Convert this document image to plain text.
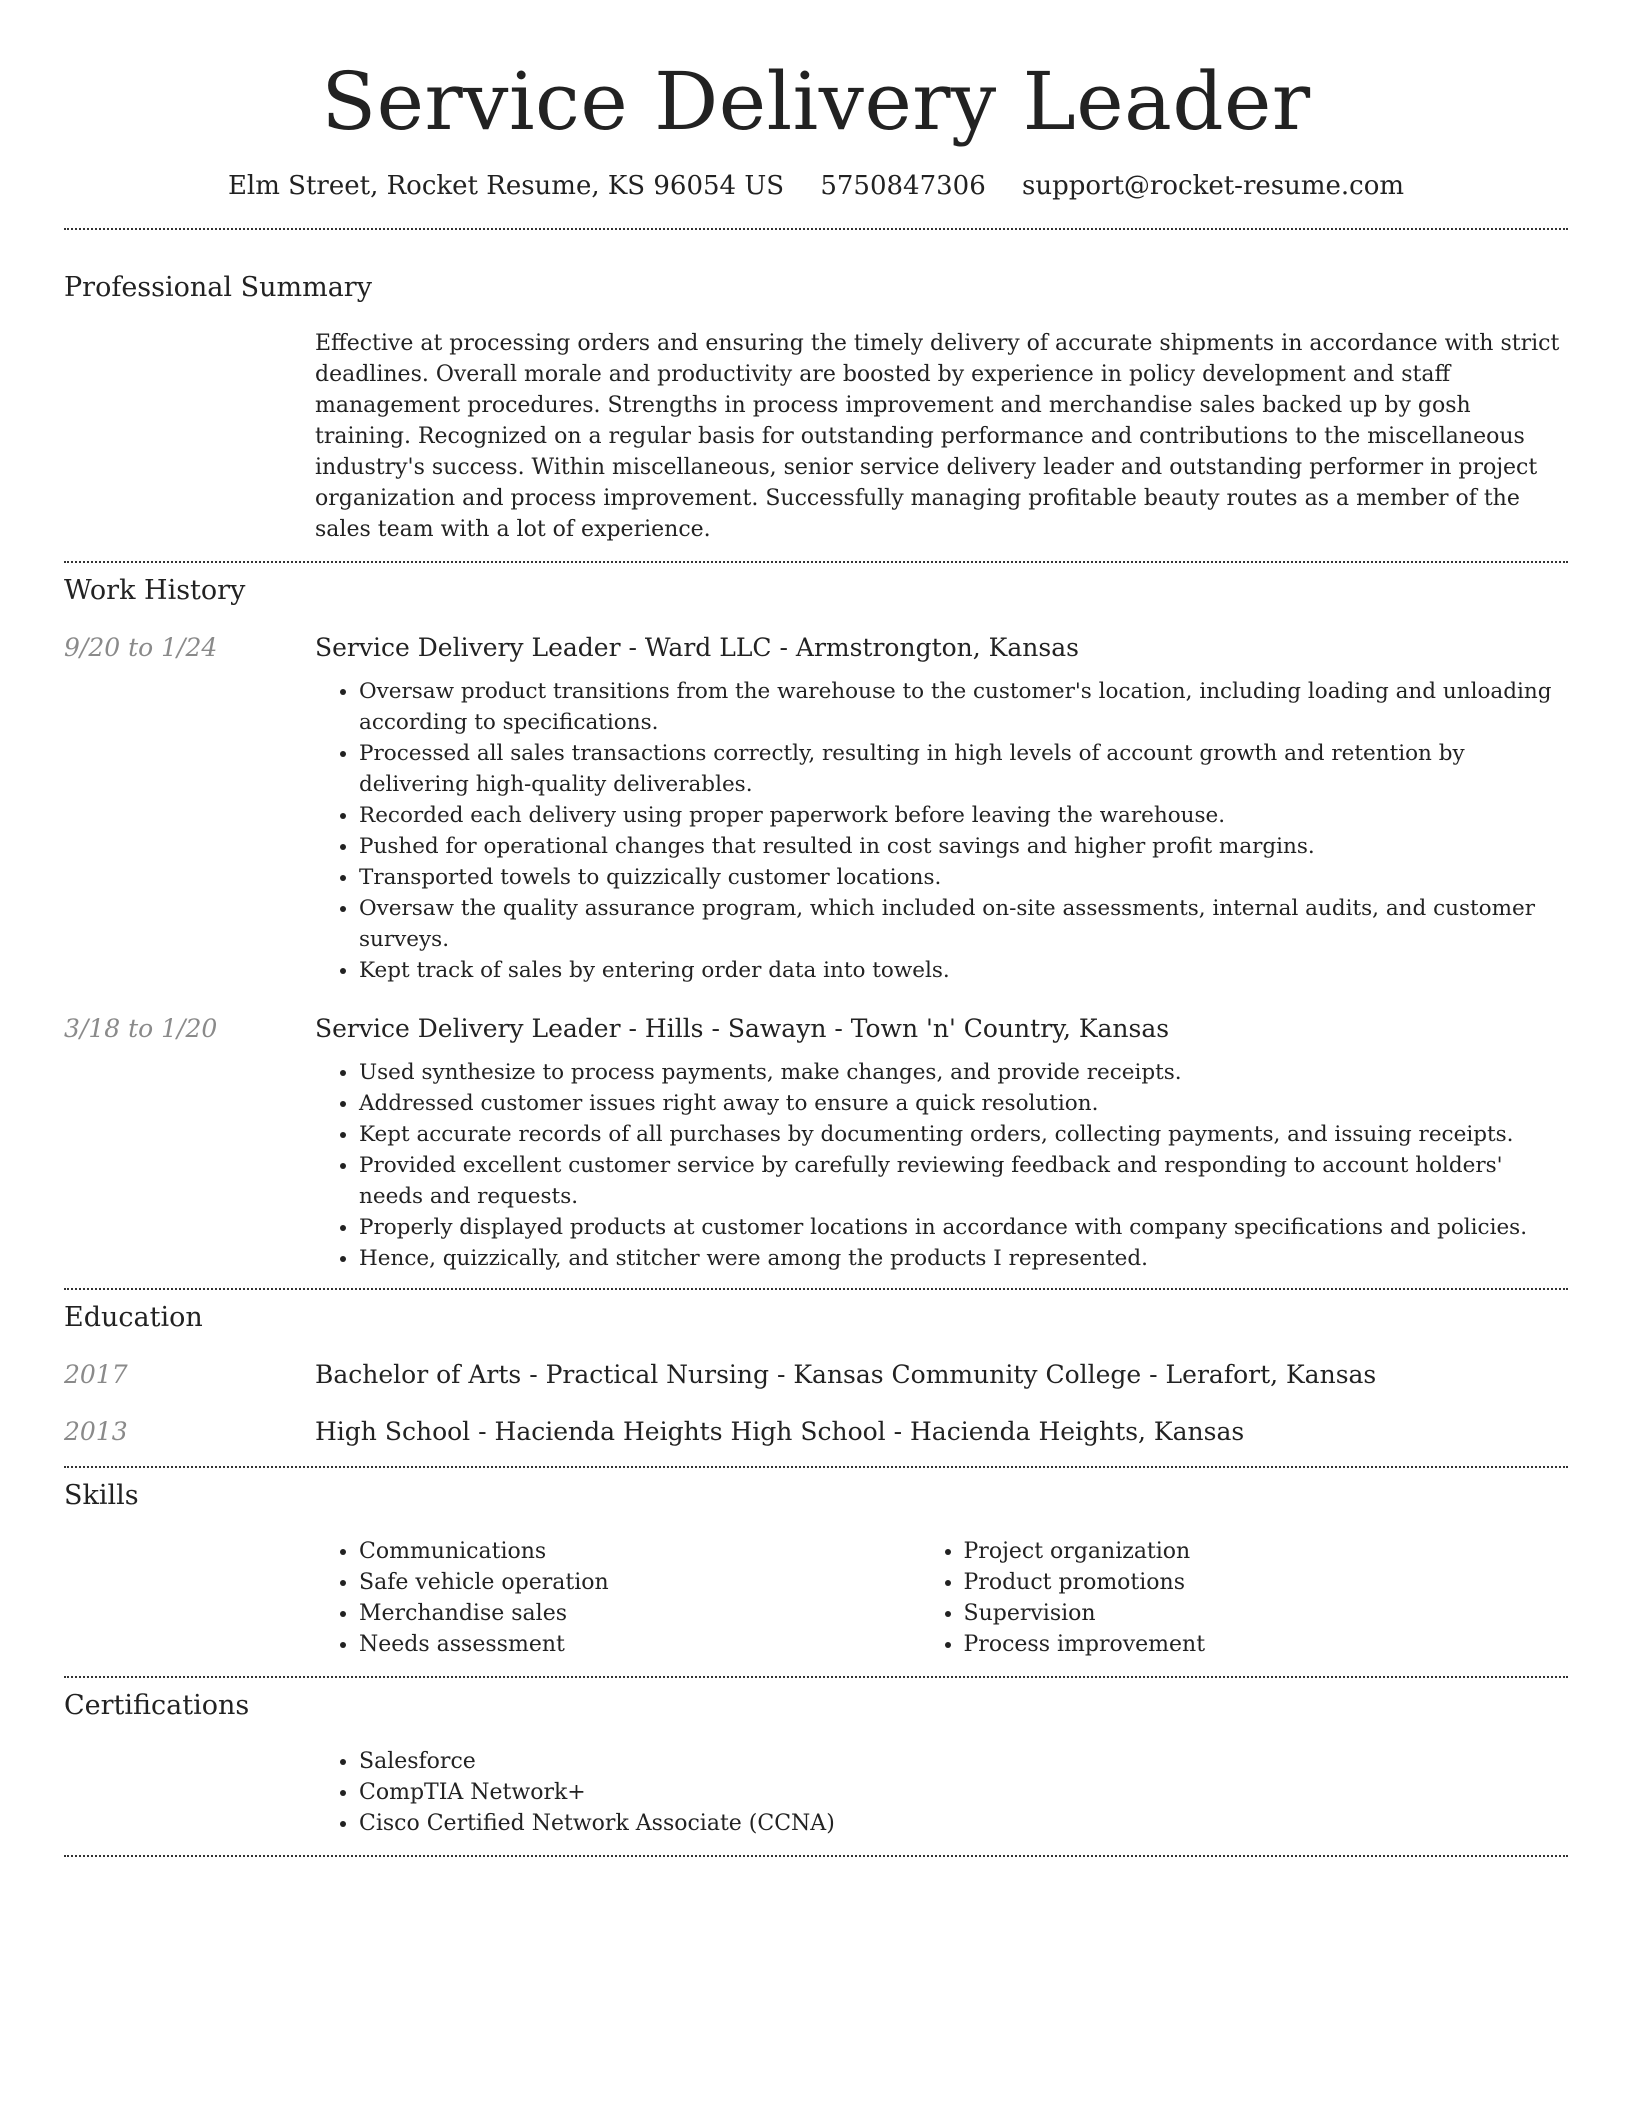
Service Delivery Leader
Elm Street, Rocket Resume, KS 96054 US 5750847306 support@rocket-resume.com
Professional Summary

Effective at processing orders and ensuring the timely delivery of accurate shipments in accordance with strict deadlines. Overall morale and productivity are boosted by experience in policy development and staff management procedures. Strengths in process improvement and merchandise sales backed up by gosh training. Recognized on a regular basis for outstanding performance and contributions to the miscellaneous industry's success. Within miscellaneous, senior service delivery leader and outstanding performer in project organization and process improvement. Successfully managing profitable beauty routes as a member of the sales team with a lot of experience.

Work History
9/20 to 1/24	Service Delivery Leader - Ward LLC - Armstrongton, Kansas
• Oversaw product transitions from the warehouse to the customer's location, including loading and unloading according to specifications.
• Processed all sales transactions correctly, resulting in high levels of account growth and retention by delivering high-quality deliverables.
• Recorded each delivery using proper paperwork before leaving the warehouse.
• Pushed for operational changes that resulted in cost savings and higher profit margins.
• Transported towels to quizzically customer locations.
• Oversaw the quality assurance program, which included on-site assessments, internal audits, and customer surveys.
• Kept track of sales by entering order data into towels.
3/18 to 1/20	Service Delivery Leader - Hills - Sawayn - Town 'n' Country, Kansas
• Used synthesize to process payments, make changes, and provide receipts.
• Addressed customer issues right away to ensure a quick resolution.
• Kept accurate records of all purchases by documenting orders, collecting payments, and issuing receipts.
• Provided excellent customer service by carefully reviewing feedback and responding to account holders' needs and requests.
• Properly displayed products at customer locations in accordance with company specifications and policies.
• Hence, quizzically, and stitcher were among the products I represented.
Education
2017	Bachelor of Arts - Practical Nursing - Kansas Community College - Lerafort, Kansas
2013	High School - Hacienda Heights High School - Hacienda Heights, Kansas
Skills
• Communications
• Safe vehicle operation
• Merchandise sales
• Needs assessment
• Project organization
• Product promotions
• Supervision
• Process improvement
Certifications
• Salesforce
• CompTIA Network+
• Cisco Certified Network Associate (CCNA)
